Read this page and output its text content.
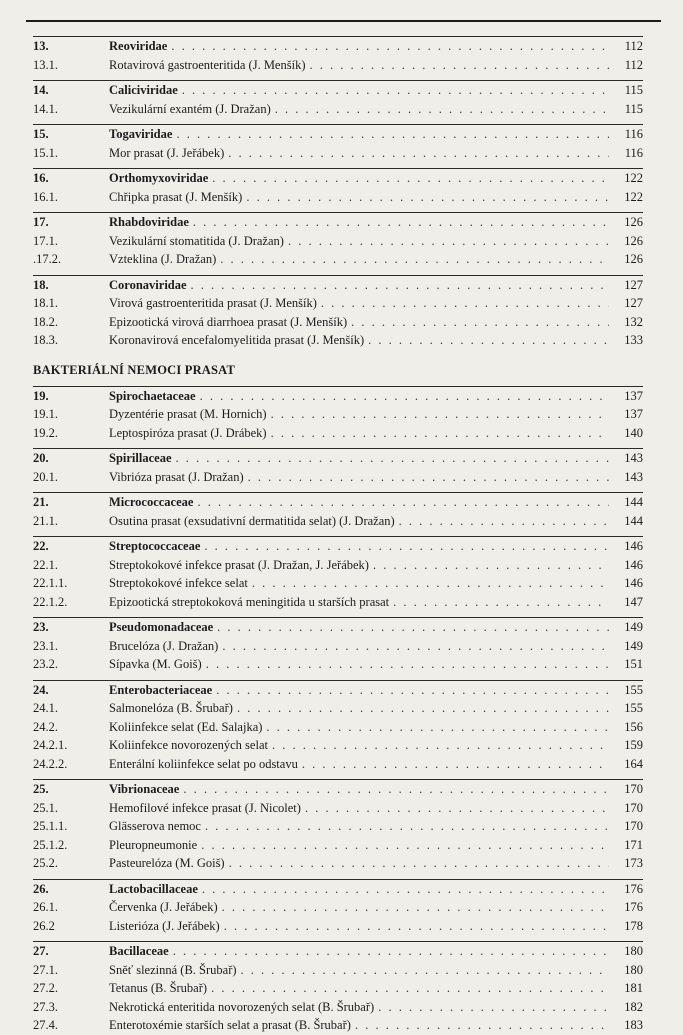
13.	Reoviridae . . .	112
13.1.	Rotavirová gastroenteritida (J. Menšík) . . .	112
14.	Caliciviridae . . .	115
14.1.	Vezikulární exantém (J. Dražan) . . .	115
15.	Togaviridae . . .	116
15.1.	Mor prasat (J. Jeřábek) . . .	116
16.	Orthomyxoviridae . . .	122
16.1.	Chřipka prasat (J. Menšík) . . .	122
17.	Rhabdoviridae . . .	126
17.1.	Vezikulární stomatitida (J. Dražan) . . .	126
.17.2.	Vzteklina (J. Dražan) . . .	126
18.	Coronaviridae . . .	127
18.1.	Virová gastroenteritida prasat (J. Menšík) . . .	127
18.2.	Epizootická virová diarrhoea prasat (J. Menšík) . . .	132
18.3.	Koronavirová encefalomyelitida prasat (J. Menšík) . . .	133
BAKTERIÁLNÍ NEMOCI PRASAT
19.	Spirochaetaceae . . .	137
19.1.	Dyzentérie prasat (M. Hornich) . . .	137
19.2.	Leptospiróza prasat (J. Drábek) . . .	140
20.	Spirillaceae . . .	143
20.1.	Vibrióza prasat (J. Dražan) . . .	143
21.	Micrococcaceae . . .	144
21.1.	Osutina prasat (exsudativní dermatitida selat) (J. Dražan) . . .	144
22.	Streptococcaceae . . .	146
22.1.	Streptokokové infekce prasat (J. Dražan, J. Jeřábek) . . .	146
22.1.1.	Streptokokové infekce selat . . .	146
22.1.2.	Epizootická streptokoková meningitida u starších prasat . . .	147
23.	Pseudomonadaceae . . .	149
23.1.	Brucelóza (J. Dražan) . . .	149
23.2.	Sípavka (M. Goiš) . . .	151
24.	Enterobacteriaceae . . .	155
24.1.	Salmonelóza (B. Šrubař) . . .	155
24.2.	Koliinfekce selat (Ed. Salajka) . . .	156
24.2.1.	Koliinfekce novorozených selat . . .	159
24.2.2.	Enterální koliinfekce selat po odstavu . . .	164
25.	Vibrionaceae . . .	170
25.1.	Hemofilové infekce prasat (J. Nicolet) . . .	170
25.1.1.	Glässerova nemoc . . .	170
25.1.2.	Pleuropneumonie . . .	171
25.2.	Pasteurelóza (M. Goiš) . . .	173
26.	Lactobacillaceae . . .	176
26.1.	Červenka (J. Jeřábek) . . .	176
26.2	Listerióza (J. Jeřábek) . . .	178
27.	Bacillaceae . . .	180
27.1.	Sněť slezinná (B. Šrubař) . . .	180
27.2.	Tetanus (B. Šrubař) . . .	181
27.3.	Nekrotická enteritida novorozených selat (B. Šrubař) . . .	182
27.4.	Enterotoxémie starších selat a prasat (B. Šrubař) . . .	183
